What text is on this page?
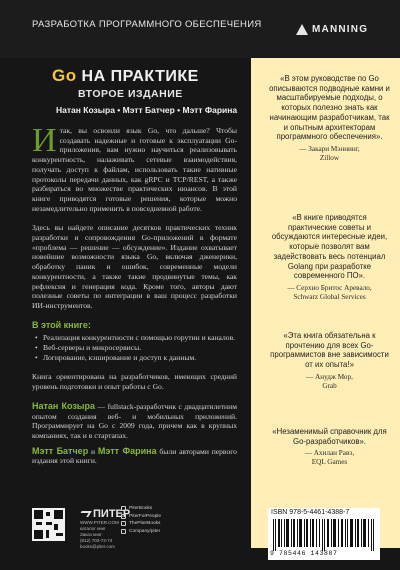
РАЗРАБОТКА ПРОГРАММНОГО ОБЕСПЕЧЕНИЯ	MANNING
Go НА ПРАКТИКЕ
ВТОРОЕ ИЗДАНИЕ
Натан Козыра • Мэтт Батчер • Мэтт Фарина
Итак, вы освоили язык Go, что дальше? Чтобы создавать надежные и готовые к эксплуатации Go-приложения, вам нужно научиться реализовывать конкурентность, налаживать сетевые взаимодействия, получать доступ к файлам, использовать такие нативные протоколы передачи данных, как gRPC и TCP/REST, а также разбираться во множестве практических нюансов. В этой книге приводятся готовые решения, которые можно незамедлительно применить в повседневной работе.
Здесь вы найдете описание десятков практических техник разработки и сопровождения Go-приложений в формате «проблема — решение — обсуждение». Издание охватывает новейшие возможности языка Go, включая дженерики, обработку паник и ошибок, современные модели конкурентности, а также такие продвинутые темы, как рефлексия и генерация кода. Кроме того, авторы дают полезные советы по интеграции в ваш процесс разработки ИИ-инструментов.
В этой книге:
• Реализация конкурентности с помощью горутин и каналов.
• Веб-серверы и микросервисы.
• Логирование, кэширование и доступ к данным.
Книга ориентирована на разработчиков, имеющих средний уровень подготовки и опыт работы с Go.
Натан Козыра — fullstack-разработчик с двадцатилетним опытом создания веб- и мобильных приложений. Программирует на Go с 2009 года, причем как в крупных компаниях, так и в стартапах.
Мэтт Батчер и Мэтт Фарина были авторами первого издания этой книги.
«В этом руководстве по Go описываются подводные камни и масштабируемые подходы, о которых полезно знать как начинающим разработчикам, так и опытным архитекторам программного обеспечения».
— Закари Мэннинг,
Zillow
«В книге приводятся практические советы и обсуждаются интересные идеи, которые позволят вам задействовать весь потенциал Golang при разработке современного ПО».
— Серхио Бритос Аревало,
Schwarz Global Services
«Эта книга обязательна к прочтению для всех Go-программистов вне зависимости от их опыта!»
— Анудж Мор,
Grab
«Незаменимый справочник для Go-разработчиков».
— Ахилан Равэ,
EQL Games
ПИТЕР
WWW.PITER.COM
каталог книг
Заказ книг:
(812) 703-73-74
books@piter.com
PiterBooks
PiterForPeople
ThePiterBooks
Company/piter
ISBN 978-5-4461-4388-7
9 785446 143887
